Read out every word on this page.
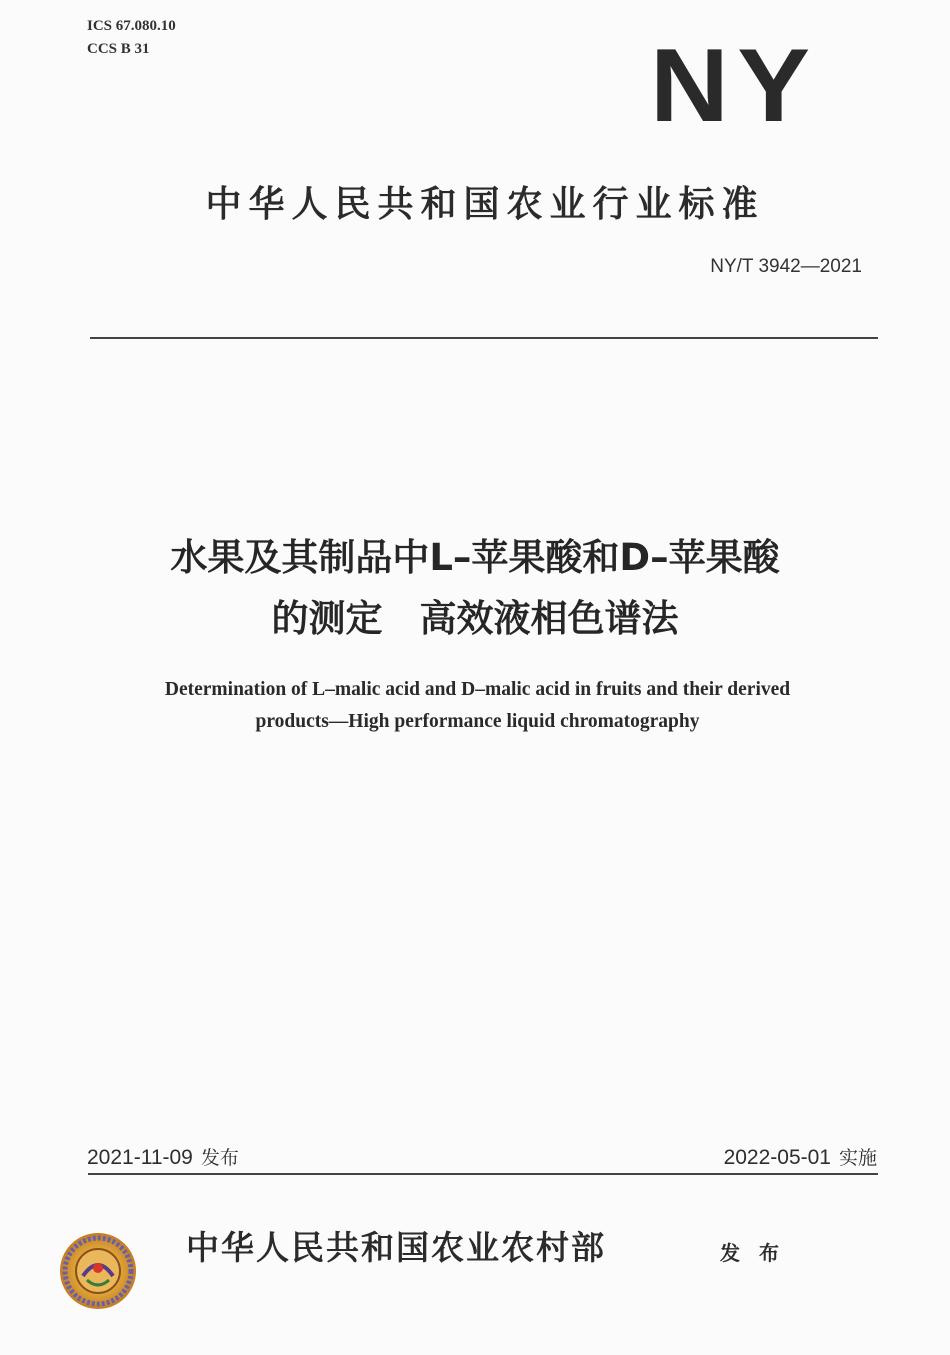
ICS 67.080.10
CCS B 31	NY
中华人民共和国农业行业标准
NY/T 3942—2021
水果及其制品中L–苹果酸和D–苹果酸
的测定　高效液相色谱法
Determination of L–malic acid and D–malic acid in fruits and their derived
products—High performance liquid chromatography
2021-11-09 发布	2022-05-01 实施
中华人民共和国农业农村部	发 布
